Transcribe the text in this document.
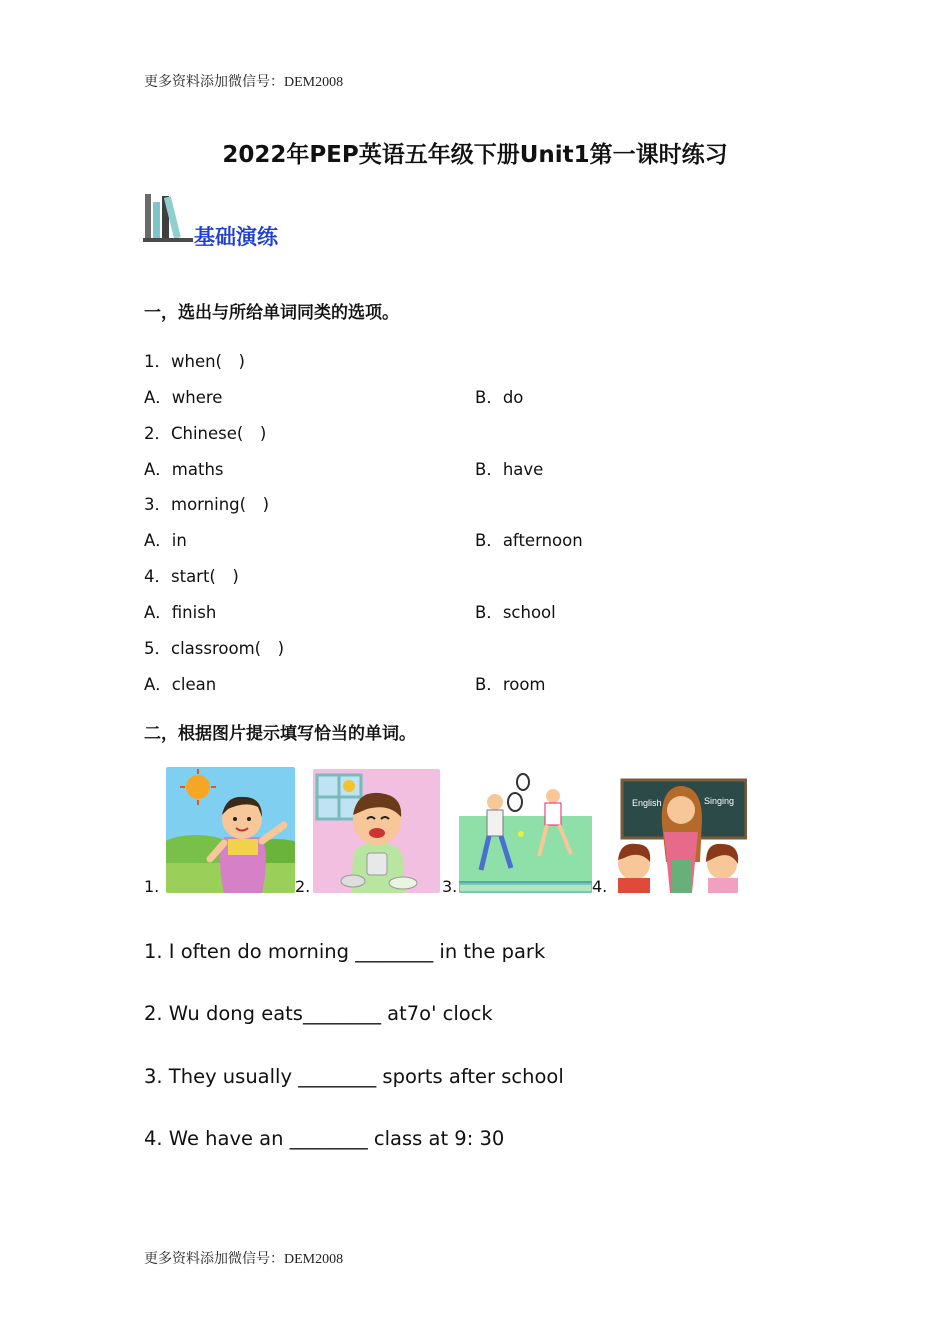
更多资料添加微信号：DEM2008
2022年PEP英语五年级下册Unit1第一课时练习
基础演练
一，选出与所给单词同类的选项。
1．when(　)
A．where	B．do
2．Chinese(　)
A．maths	B．have
3．morning(　)
A．in	B．afternoon
4．start(　)
A．finish	B．school
5．classroom(　)
A．clean	B．room
二，根据图片提示填写恰当的单词。
1.	2.	3.	4.
English	Singing
1. I often do morning ________ in the park
2. Wu dong eats________ at7o' clock
3. They usually ________ sports after school
4. We have an ________ class at 9: 30
更多资料添加微信号：DEM2008
